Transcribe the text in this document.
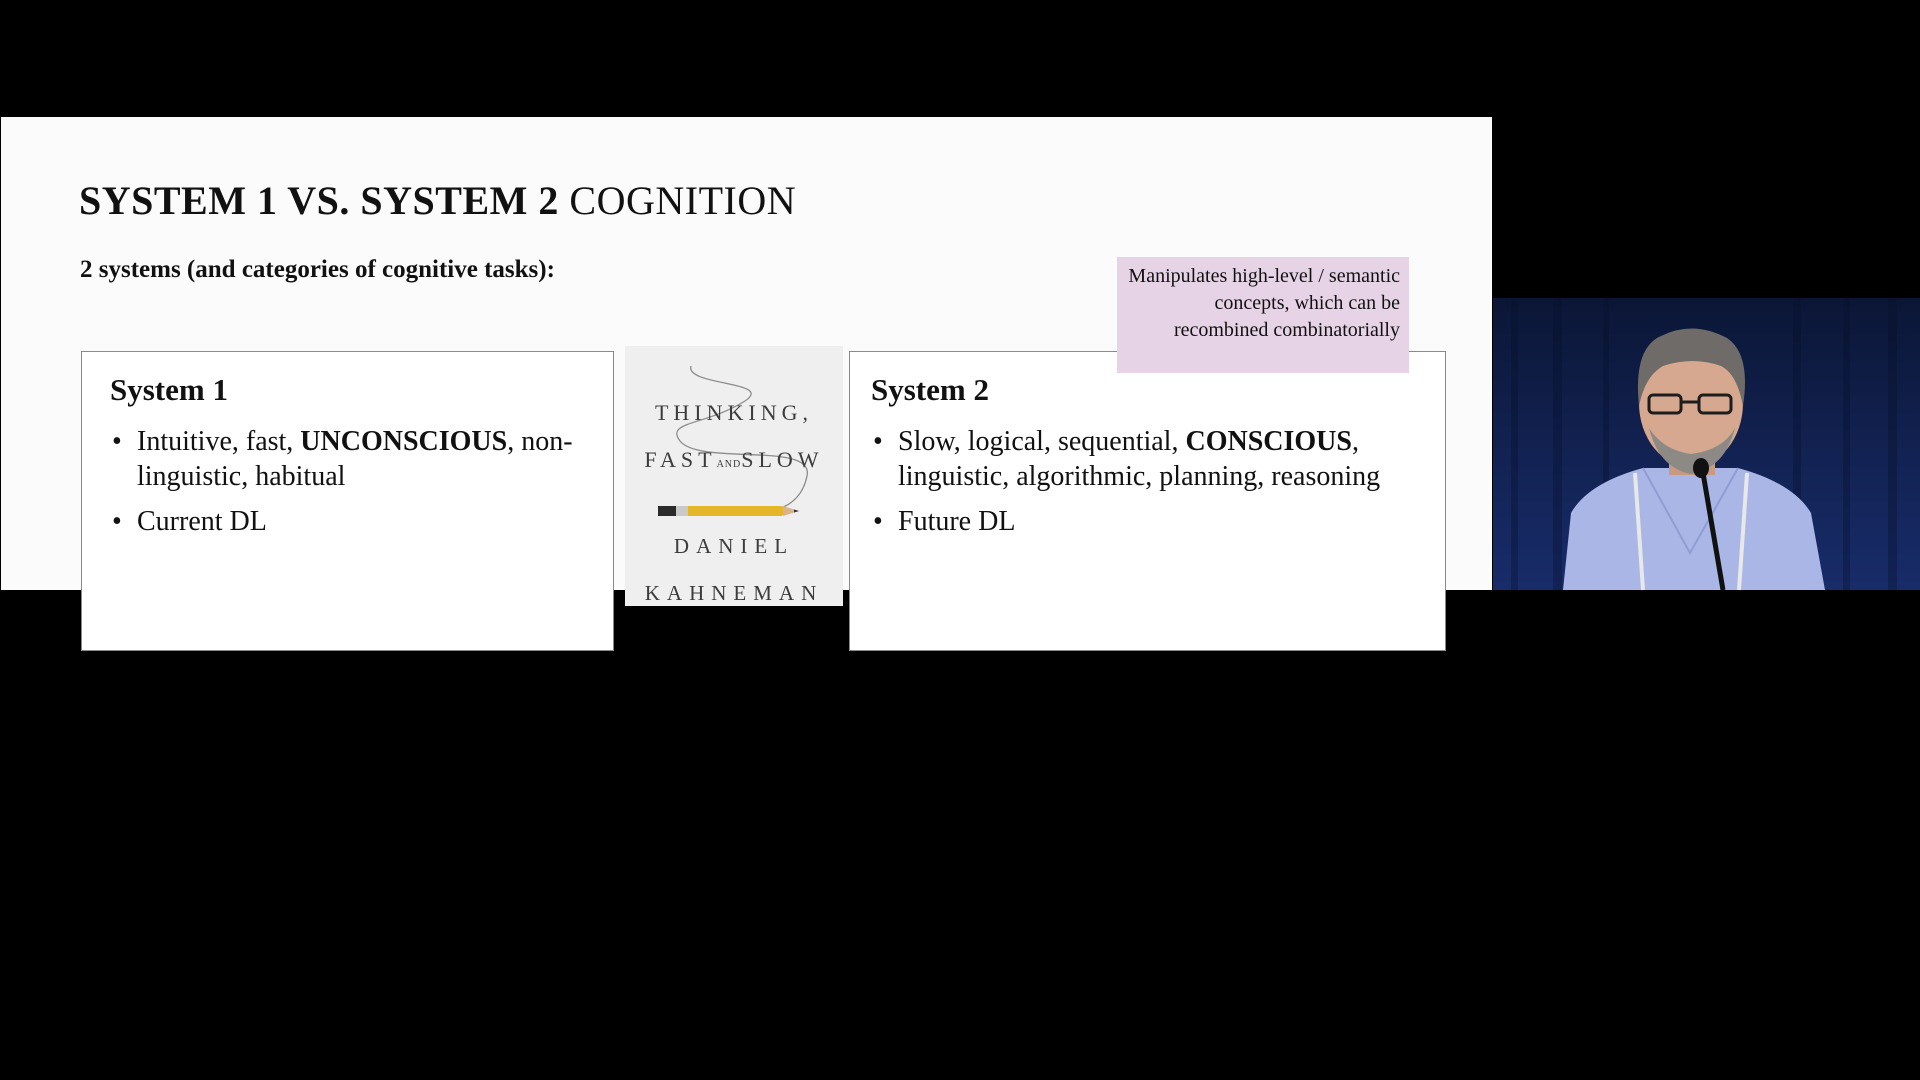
SYSTEM 1 VS. SYSTEM 2 COGNITION
2 systems (and categories of cognitive tasks):
System 1
• Intuitive, fast, UNCONSCIOUS, non-linguistic, habitual
• Current DL
THINKING,
FASTANDSLOW
DANIEL
KAHNEMAN
System 2
• Slow, logical, sequential, CONSCIOUS, linguistic, algorithmic, planning, reasoning
• Future DL
Manipulates high-level / semantic concepts, which can be recombined combinatorially
